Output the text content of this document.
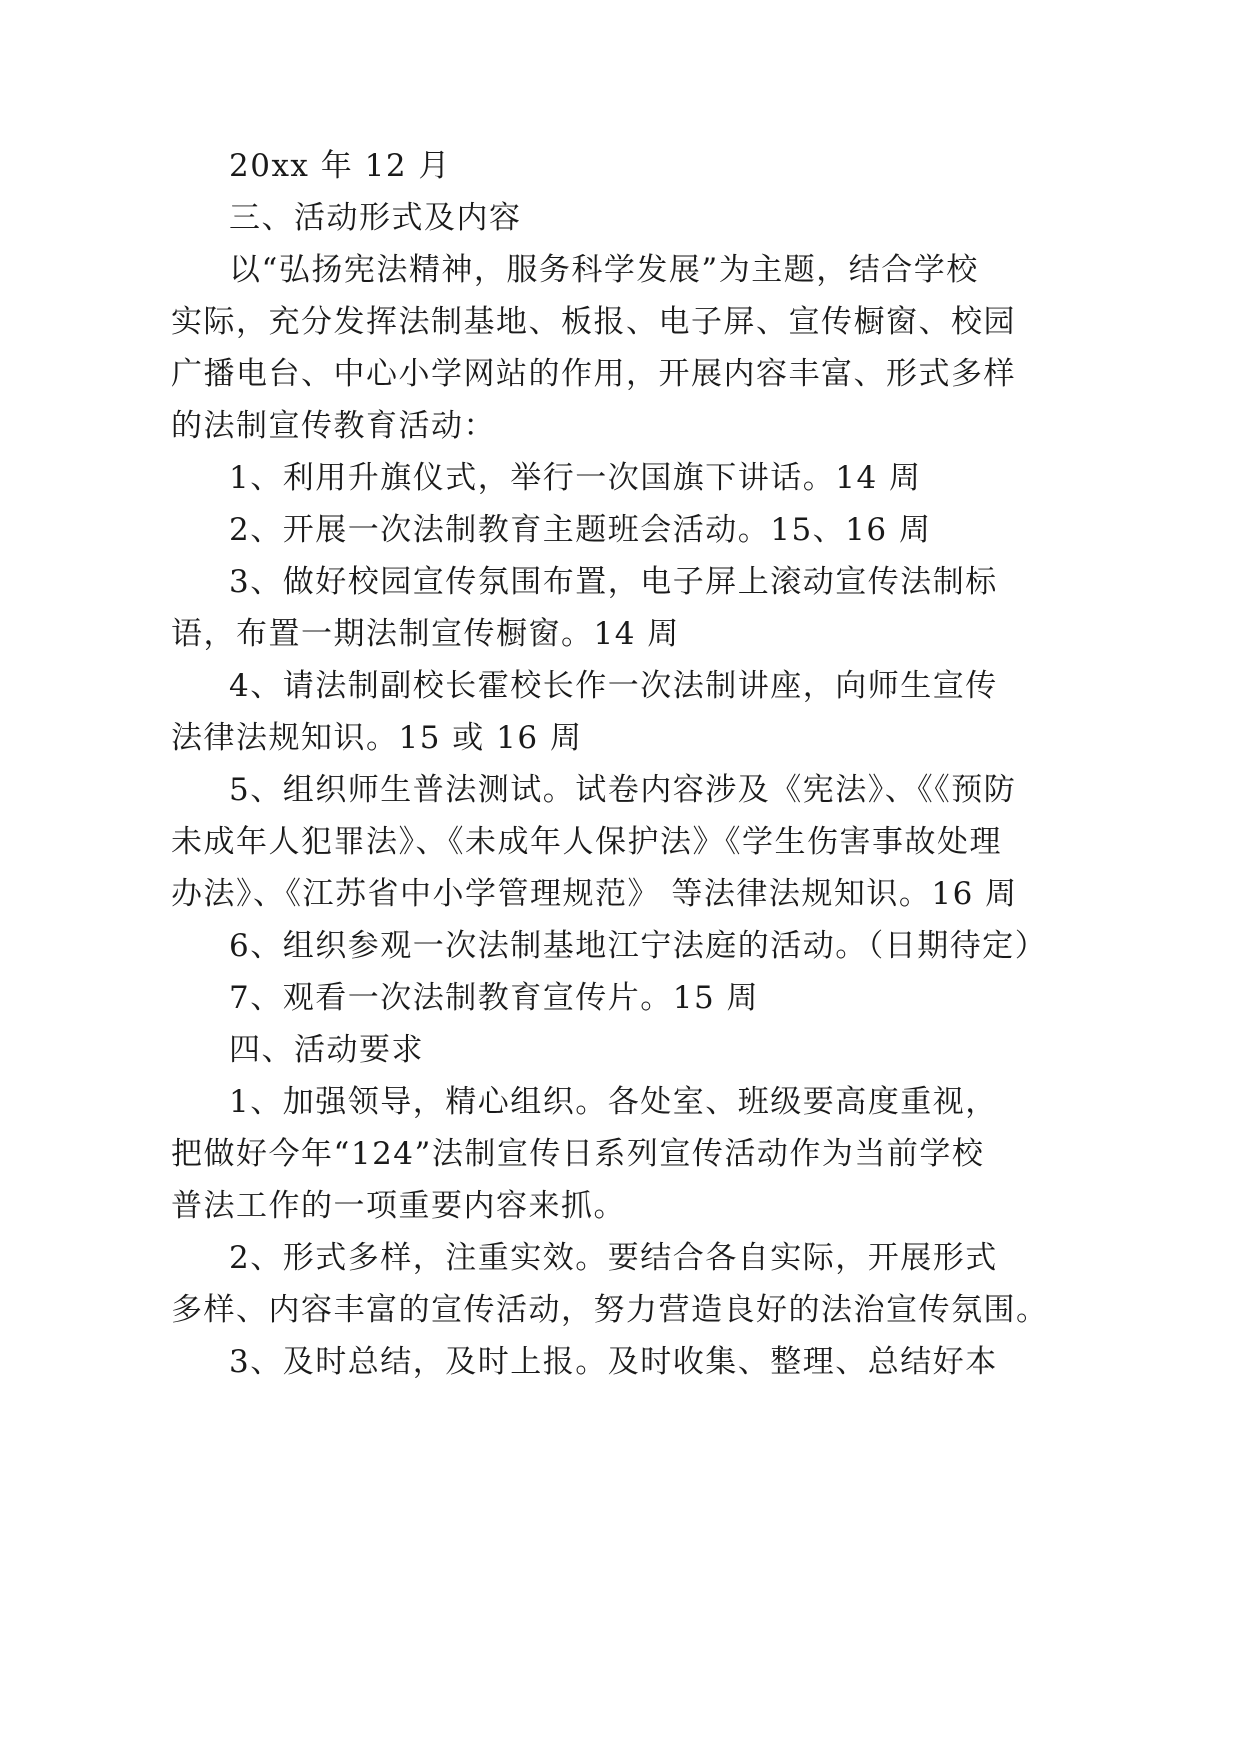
20xx 年 12 月
三、活动形式及内容
以“弘扬宪法精神，服务科学发展”为主题，结合学校
实际，充分发挥法制基地、板报、电子屏、宣传橱窗、校园
广播电台、中心小学网站的作用，开展内容丰富、形式多样
的法制宣传教育活动：
1、利用升旗仪式，举行一次国旗下讲话。14 周
2、开展一次法制教育主题班会活动。15、16 周
3、做好校园宣传氛围布置，电子屏上滚动宣传法制标
语，布置一期法制宣传橱窗。14 周
4、请法制副校长霍校长作一次法制讲座，向师生宣传
法律法规知识。15 或 16 周
5、组织师生普法测试。试卷内容涉及《宪法》、《《预防
未成年人犯罪法》、《未成年人保护法》《学生伤害事故处理
办法》、《江苏省中小学管理规范》 等法律法规知识。16 周
6、组织参观一次法制基地江宁法庭的活动。（日期待定）
7、观看一次法制教育宣传片。15 周
四、活动要求
1、加强领导，精心组织。各处室、班级要高度重视，
把做好今年“124”法制宣传日系列宣传活动作为当前学校
普法工作的一项重要内容来抓。
2、形式多样，注重实效。要结合各自实际，开展形式
多样、内容丰富的宣传活动，努力营造良好的法治宣传氛围。
3、及时总结，及时上报。及时收集、整理、总结好本
